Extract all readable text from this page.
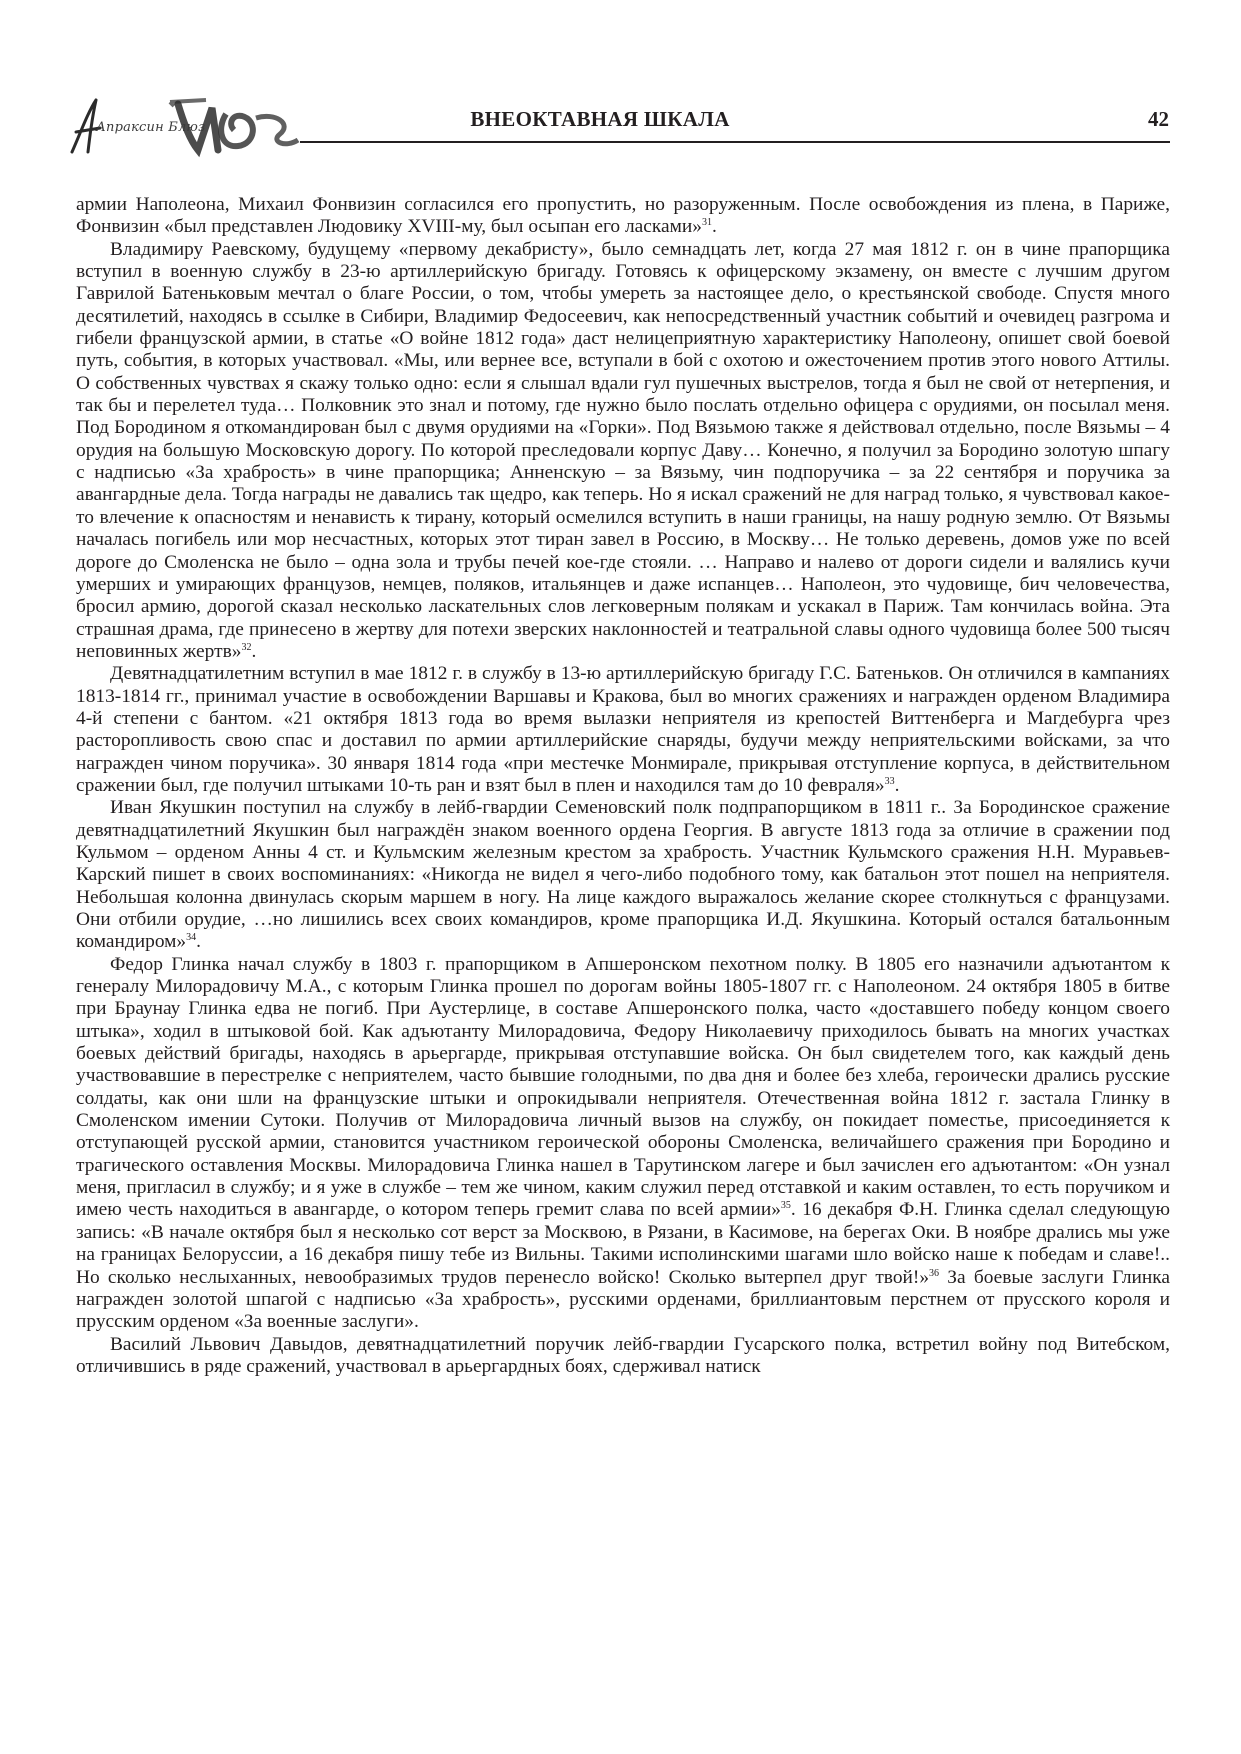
Апраксин Блюз	ВНЕОКТАВНАЯ ШКАЛА	42

армии Наполеона, Михаил Фонвизин согласился его пропустить, но разоруженным. После освобождения из плена, в Париже, Фонвизин «был представлен Людовику XVIII-му, был осыпан его ласками»$^{31}$.

Владимиру Раевскому, будущему «первому декабристу», было семнадцать лет, когда 27 мая 1812 г. он в чине прапорщика вступил в военную службу в 23-ю артиллерийскую бригаду. Готовясь к офицерскому экзамену, он вместе с лучшим другом Гаврилой Батеньковым мечтал о благе России, о том, чтобы умереть за настоящее дело, о крестьянской свободе. Спустя много десятилетий, находясь в ссылке в Сибири, Владимир Федосеевич, как непосредственный участник событий и очевидец разгрома и гибели французской армии, в статье «О войне 1812 года» даст нелицеприятную характеристику Наполеону, опишет свой боевой путь, события, в которых участвовал. «Мы, или вернее все, вступали в бой с охотою и ожесточением против этого нового Аттилы. О собственных чувствах я скажу только одно: если я слышал вдали гул пушечных выстрелов, тогда я был не свой от нетерпения, и так бы и перелетел туда… Полковник это знал и потому, где нужно было послать отдельно офицера с орудиями, он посылал меня. Под Бородином я откомандирован был с двумя орудиями на «Горки». Под Вязьмою также я действовал отдельно, после Вязьмы – 4 орудия на большую Московскую дорогу. По которой преследовали корпус Даву… Конечно, я получил за Бородино золотую шпагу с надписью «За храбрость» в чине прапорщика; Анненскую – за Вязьму, чин подпоручика – за 22 сентября и поручика за авангардные дела. Тогда награды не давались так щедро, как теперь. Но я искал сражений не для наград только, я чувствовал какое-то влечение к опасностям и ненависть к тирану, который осмелился вступить в наши границы, на нашу родную землю. От Вязьмы началась погибель или мор несчастных, которых этот тиран завел в Россию, в Москву… Не только деревень, домов уже по всей дороге до Смоленска не было – одна зола и трубы печей кое-где стояли. … Направо и налево от дороги сидели и валялись кучи умерших и умирающих французов, немцев, поляков, итальянцев и даже испанцев… Наполеон, это чудовище, бич человечества, бросил армию, дорогой сказал несколько ласкательных слов легковерным полякам и ускакал в Париж. Там кончилась война. Эта страшная драма, где принесено в жертву для потехи зверских наклонностей и театральной славы одного чудовища более 500 тысяч неповинных жертв»$^{32}$.

Девятнадцатилетним вступил в мае 1812 г. в службу в 13-ю артиллерийскую бригаду Г.С. Батеньков. Он отличился в кампаниях 1813-1814 гг., принимал участие в освобождении Варшавы и Кракова, был во многих сражениях и награжден орденом Владимира 4-й степени с бантом. «21 октября 1813 года во время вылазки неприятеля из крепостей Виттенберга и Магдебурга чрез расторопливость свою спас и доставил по армии артиллерийские снаряды, будучи между неприятельскими войсками, за что награжден чином поручика». 30 января 1814 года «при местечке Монмирале, прикрывая отступление корпуса, в действительном сражении был, где получил штыками 10-ть ран и взят был в плен и находился там до 10 февраля»$^{33}$.

Иван Якушкин поступил на службу в лейб-гвардии Семеновский полк подпрапорщиком в 1811 г.. За Бородинское сражение девятнадцатилетний Якушкин был награждён знаком военного ордена Георгия. В августе 1813 года за отличие в сражении под Кульмом – орденом Анны 4 ст. и Кульмским железным крестом за храбрость. Участник Кульмского сражения Н.Н. Муравьев-Карский пишет в своих воспоминаниях: «Никогда не видел я чего-либо подобного тому, как батальон этот пошел на неприятеля. Небольшая колонна двинулась скорым маршем в ногу. На лице каждого выражалось желание скорее столкнуться с французами. Они отбили орудие, …но лишились всех своих командиров, кроме прапорщика И.Д. Якушкина. Который остался батальонным командиром»$^{34}$.

Федор Глинка начал службу в 1803 г. прапорщиком в Апшеронском пехотном полку. В 1805 его назначили адъютантом к генералу Милорадовичу М.А., с которым Глинка прошел по дорогам войны 1805-1807 гг. с Наполеоном. 24 октября 1805 в битве при Браунау Глинка едва не погиб. При Аустерлице, в составе Апшеронского полка, часто «доставшего победу концом своего штыка», ходил в штыковой бой. Как адъютанту Милорадовича, Федору Николаевичу приходилось бывать на многих участках боевых действий бригады, находясь в арьергарде, прикрывая отступавшие войска. Он был свидетелем того, как каждый день участвовавшие в перестрелке с неприятелем, часто бывшие голодными, по два дня и более без хлеба, героически дрались русские солдаты, как они шли на французские штыки и опрокидывали неприятеля. Отечественная война 1812 г. застала Глинку в Смоленском имении Сутоки. Получив от Милорадовича личный вызов на службу, он покидает поместье, присоединяется к отступающей русской армии, становится участником героической обороны Смоленска, величайшего сражения при Бородино и трагического оставления Москвы. Милорадовича Глинка нашел в Тарутинском лагере и был зачислен его адъютантом: «Он узнал меня, пригласил в службу; и я уже в службе – тем же чином, каким служил перед отставкой и каким оставлен, то есть поручиком и имею честь находиться в авангарде, о котором теперь гремит слава по всей армии»$^{35}$. 16 декабря Ф.Н. Глинка сделал следующую запись: «В начале октября был я несколько сот верст за Москвою, в Рязани, в Касимове, на берегах Оки. В ноябре дрались мы уже на границах Белоруссии, а 16 декабря пишу тебе из Вильны. Такими исполинскими шагами шло войско наше к победам и славе!.. Но сколько неслыханных, невообразимых трудов перенесло войско! Сколько вытерпел друг твой!»$^{36}$ За боевые заслуги Глинка награжден золотой шпагой с надписью «За храбрость», русскими орденами, бриллиантовым перстнем от прусского короля и прусским орденом «За военные заслуги».

Василий Львович Давыдов, девятнадцатилетний поручик лейб-гвардии Гусарского полка, встретил войну под Витебском, отличившись в ряде сражений, участвовал в арьергардных боях, сдерживал натиск
